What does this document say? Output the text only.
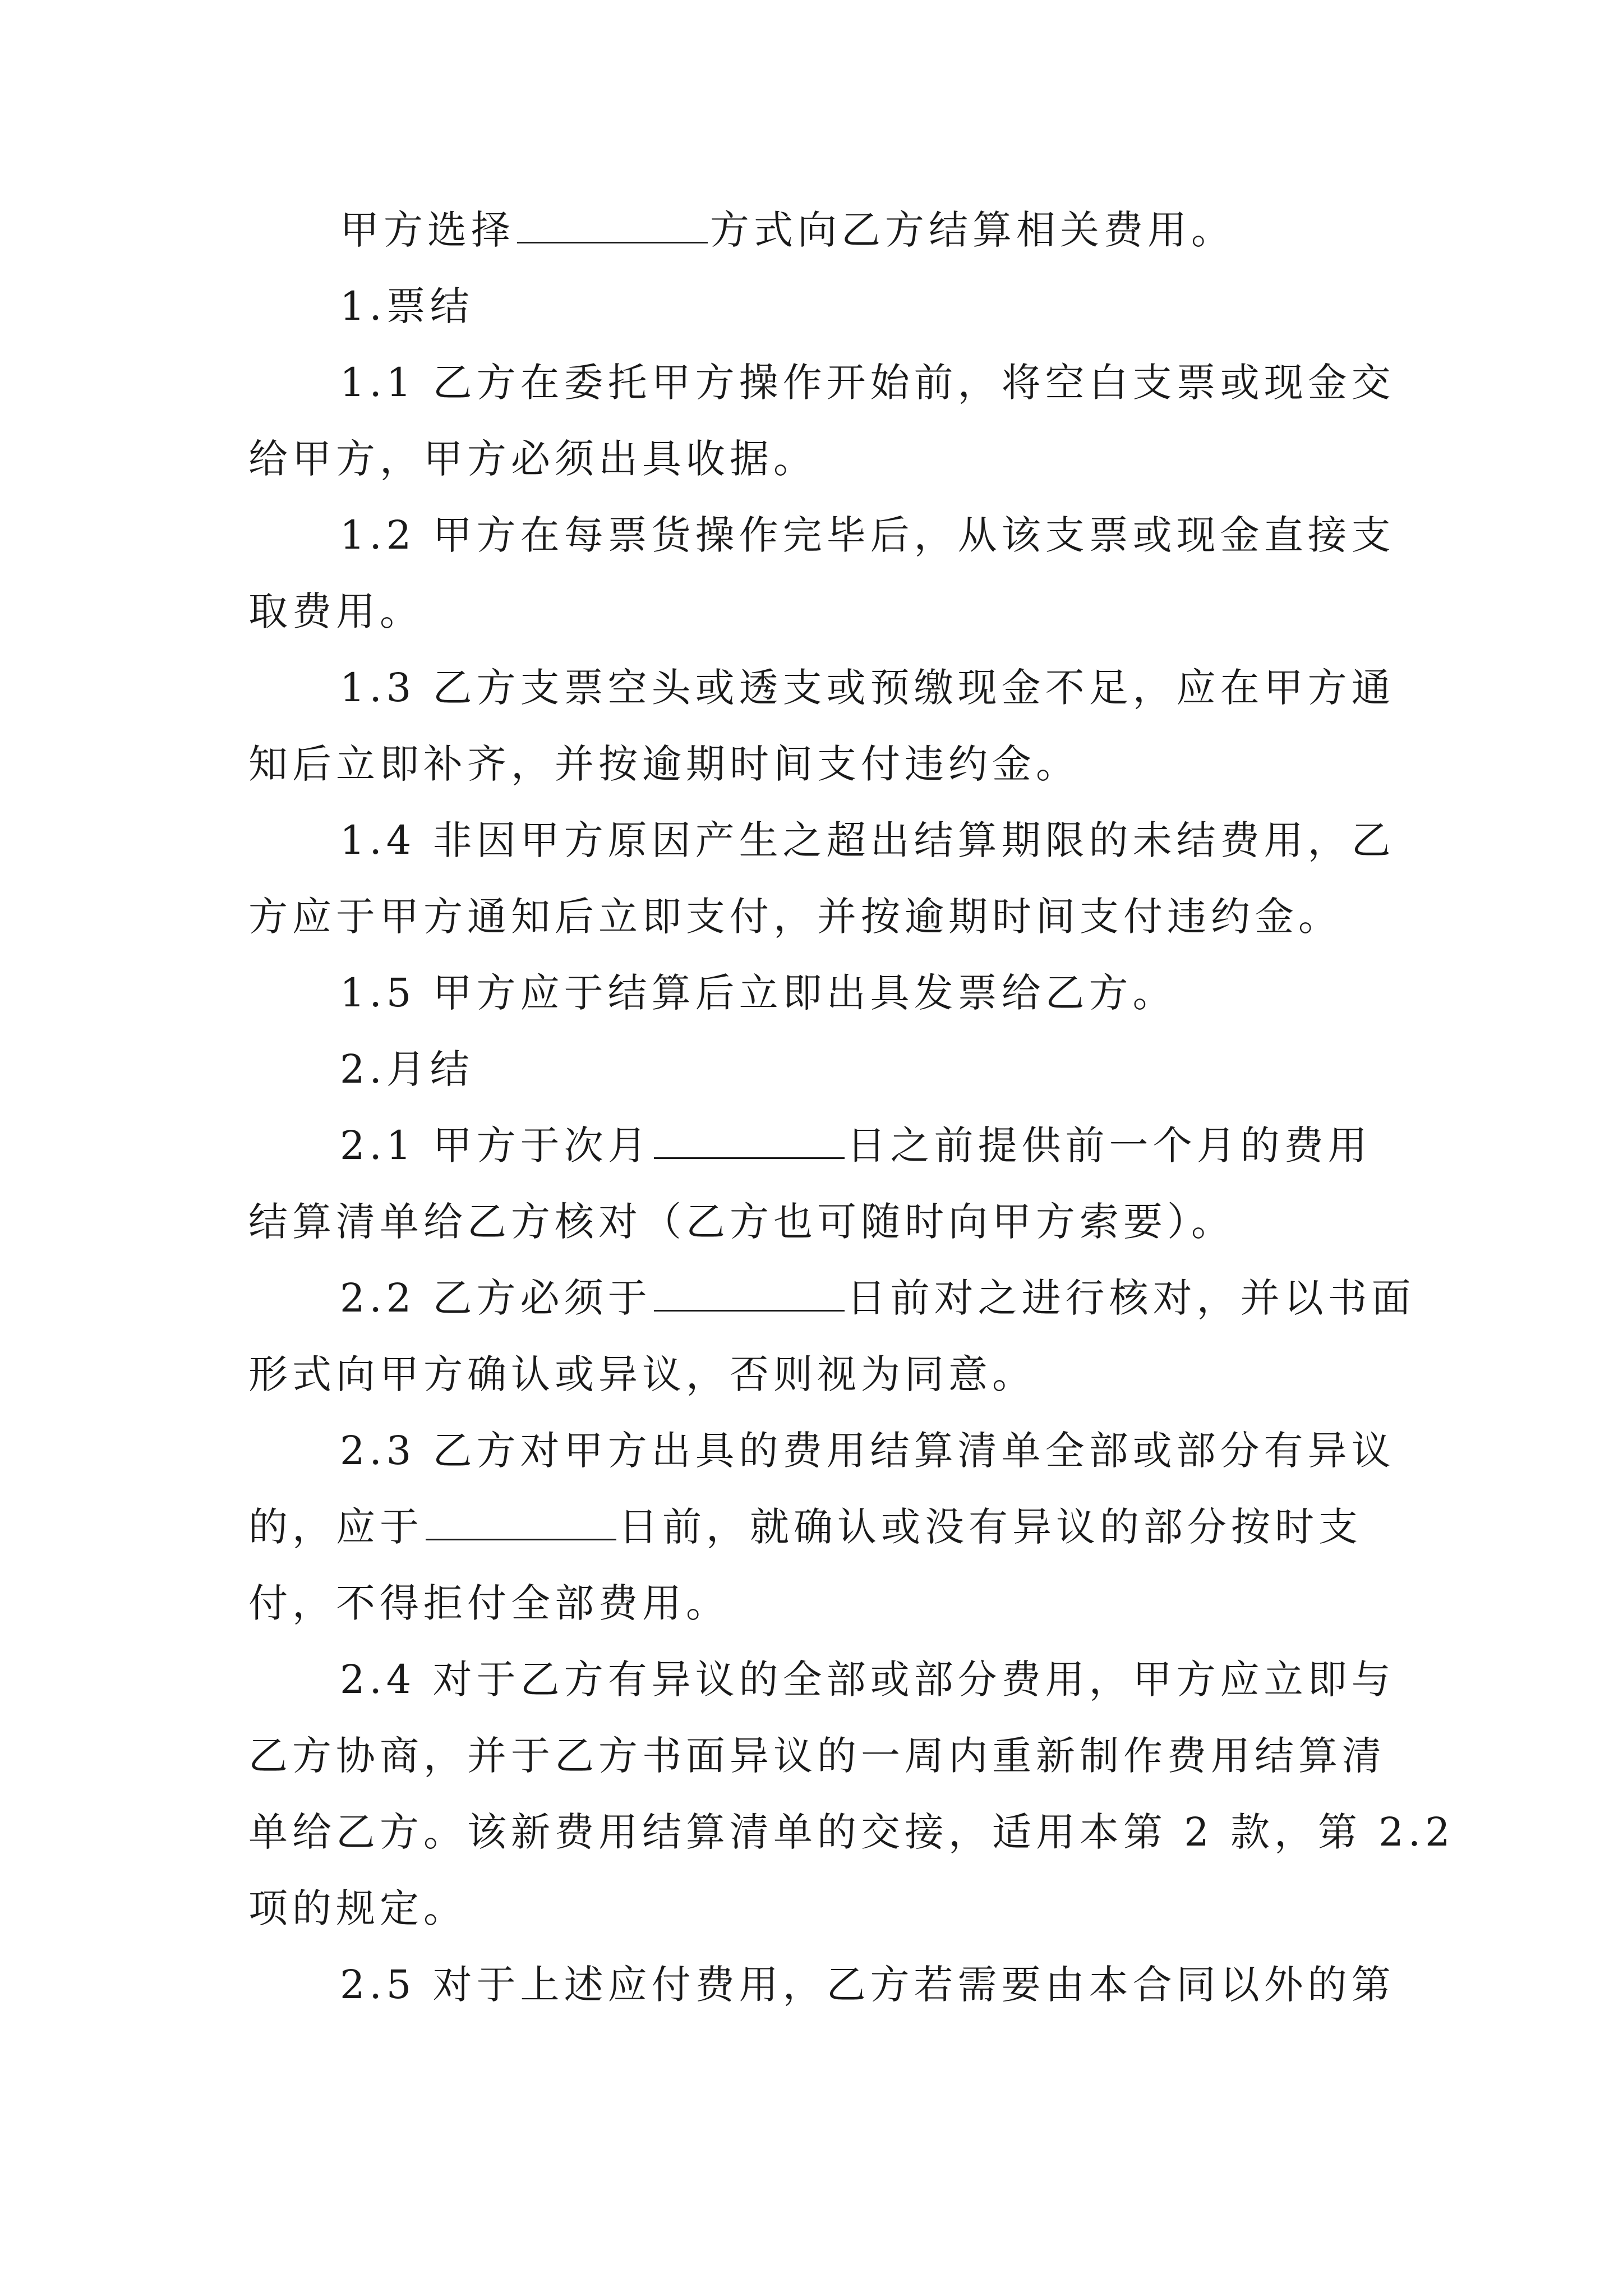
甲方选择	方式向乙方结算相关费用。
1.票结
1.1 乙方在委托甲方操作开始前，将空白支票或现金交
给甲方，甲方必须出具收据。
1.2 甲方在每票货操作完毕后，从该支票或现金直接支
取费用。
1.3 乙方支票空头或透支或预缴现金不足，应在甲方通
知后立即补齐，并按逾期时间支付违约金。
1.4 非因甲方原因产生之超出结算期限的未结费用，乙
方应于甲方通知后立即支付，并按逾期时间支付违约金。
1.5 甲方应于结算后立即出具发票给乙方。
2.月结
2.1 甲方于次月	日之前提供前一个月的费用
结算清单给乙方核对（乙方也可随时向甲方索要）。
2.2 乙方必须于	日前对之进行核对，并以书面
形式向甲方确认或异议，否则视为同意。
2.3 乙方对甲方出具的费用结算清单全部或部分有异议
的，应于	日前，就确认或没有异议的部分按时支
付，不得拒付全部费用。
2.4 对于乙方有异议的全部或部分费用，甲方应立即与
乙方协商，并于乙方书面异议的一周内重新制作费用结算清
单给乙方。该新费用结算清单的交接，适用本第 2 款，第 2.2
项的规定。
2.5 对于上述应付费用，乙方若需要由本合同以外的第
